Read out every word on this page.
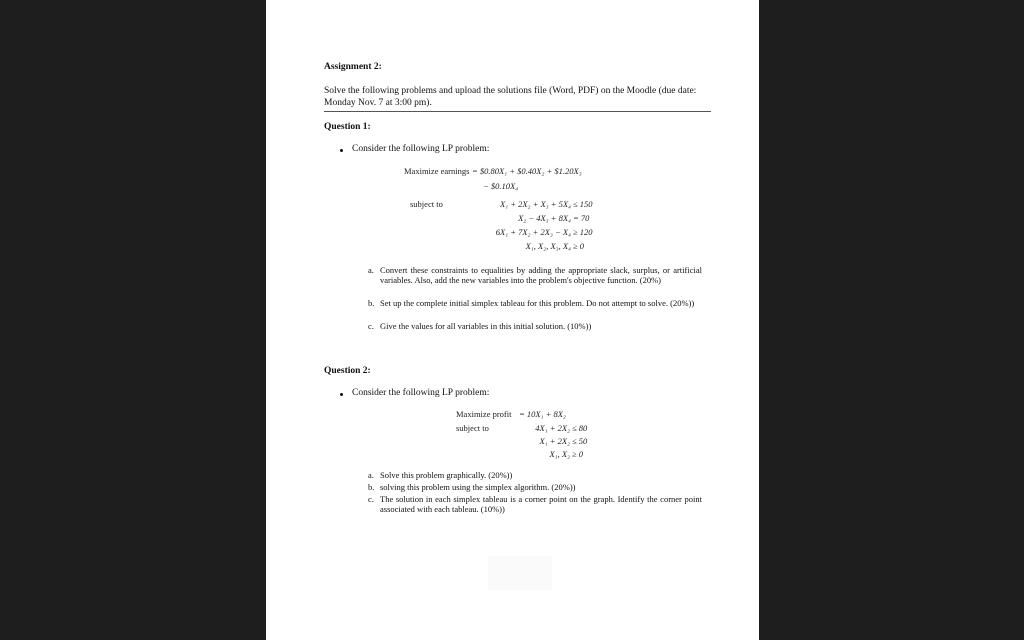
Assignment 2:
Solve the following problems and upload the solutions file (Word, PDF) on the Moodle (due date: Monday Nov. 7 at 3:00 pm).
Question 1:
Consider the following LP problem:
Maximize earnings = $0.80X₁ + $0.40X₂ + $1.20X₃
− $0.10X₄
subject to	X₁ + 2X₂ + X₃ + 5X₄ ≤ 150
X₂ − 4X₃ + 8X₄ = 70
6X₁ + 7X₂ + 2X₃ − X₄ ≥ 120
X₁, X₂, X₃, X₄ ≥ 0
a. Convert these constraints to equalities by adding the appropriate slack, surplus, or artificial variables. Also, add the new variables into the problem's objective function. (20%)
b. Set up the complete initial simplex tableau for this problem. Do not attempt to solve. (20%))
c. Give the values for all variables in this initial solution. (10%))
Question 2:
Consider the following LP problem:
Maximize profit = 10X₁ + 8X₂
subject to	4X₁ + 2X₂ ≤ 80
X₁ + 2X₂ ≤ 50
X₁, X₂ ≥ 0
a. Solve this problem graphically. (20%))
b. solving this problem using the simplex algorithm. (20%))
c. The solution in each simplex tableau is a corner point on the graph. Identify the corner point associated with each tableau. (10%))
